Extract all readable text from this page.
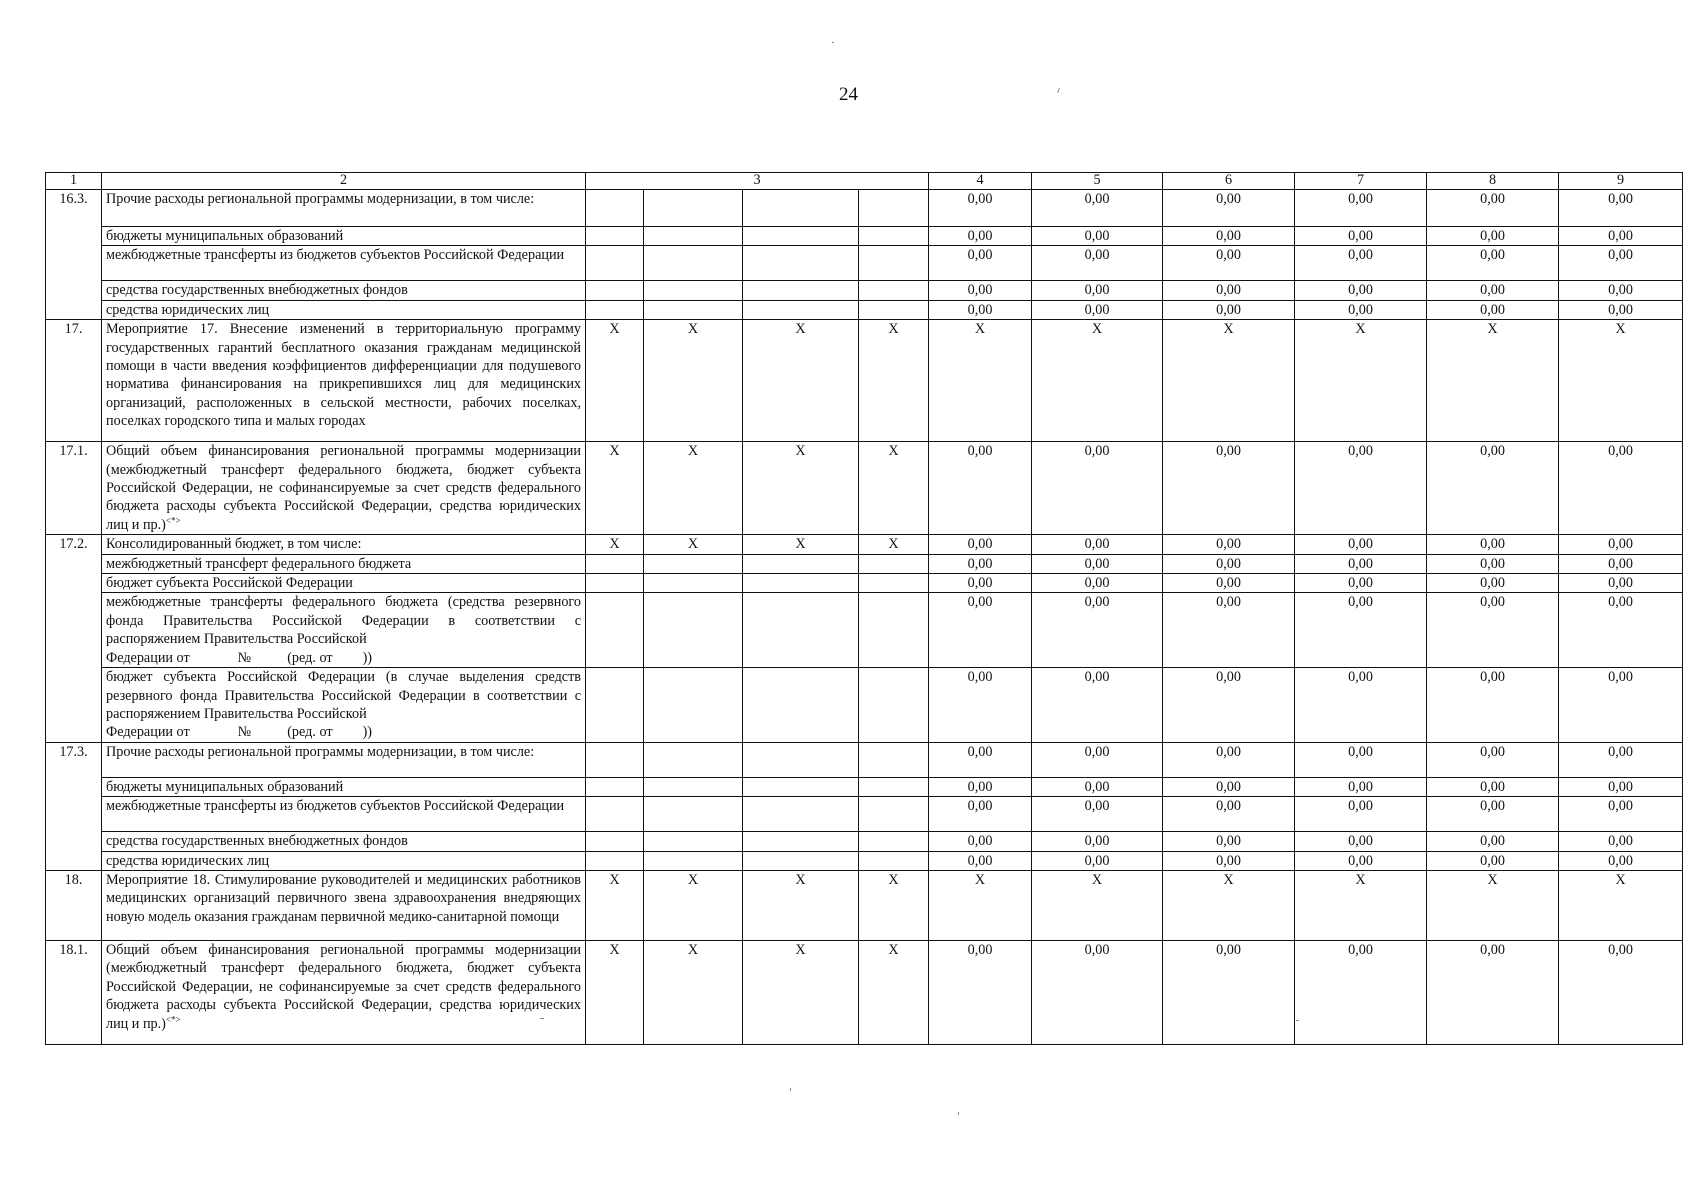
24
1	2	3				4	5	6	7	8	9
16.3.	Прочие расходы региональной программы модернизации, в том числе:					0,00	0,00	0,00	0,00	0,00	0,00
	бюджеты муниципальных образований					0,00	0,00	0,00	0,00	0,00	0,00
	межбюджетные трансферты из бюджетов субъектов Российской Федерации					0,00	0,00	0,00	0,00	0,00	0,00
	средства государственных внебюджетных фондов					0,00	0,00	0,00	0,00	0,00	0,00
	средства юридических лиц					0,00	0,00	0,00	0,00	0,00	0,00
17.	Мероприятие 17. Внесение изменений в территориальную программу государственных гарантий бесплатного оказания гражданам медицинской помощи в части введения коэффициентов дифференциации для подушевого норматива финансирования на прикрепившихся лиц для медицинских организаций, расположенных в сельской местности, рабочих поселках, поселках городского типа и малых городах	X	X	X	X	X	X	X	X	X	X
17.1.	Общий объем финансирования региональной программы модернизации (межбюджетный трансферт федерального бюджета, бюджет субъекта Российской Федерации, не софинансируемые за счет средств федерального бюджета расходы субъекта Российской Федерации, средства юридических лиц и пр.)<*>	X	X	X	X	0,00	0,00	0,00	0,00	0,00	0,00
17.2.	Консолидированный бюджет, в том числе:	X	X	X	X	0,00	0,00	0,00	0,00	0,00	0,00
	межбюджетный трансферт федерального бюджета					0,00	0,00	0,00	0,00	0,00	0,00
	бюджет субъекта Российской Федерации					0,00	0,00	0,00	0,00	0,00	0,00
	межбюджетные трансферты федерального бюджета (средства резервного фонда Правительства Российской Федерации в соответствии с распоряжением Правительства Российской
Федерации от № (ред. от ))					0,00	0,00	0,00	0,00	0,00	0,00
	бюджет субъекта Российской Федерации (в случае выделения средств резервного фонда Правительства Российской Федерации в соответствии с распоряжением Правительства Российской
Федерации от № (ред. от ))					0,00	0,00	0,00	0,00	0,00	0,00
17.3.	Прочие расходы региональной программы модернизации, в том числе:					0,00	0,00	0,00	0,00	0,00	0,00
	бюджеты муниципальных образований					0,00	0,00	0,00	0,00	0,00	0,00
	межбюджетные трансферты из бюджетов субъектов Российской Федерации					0,00	0,00	0,00	0,00	0,00	0,00
	средства государственных внебюджетных фондов					0,00	0,00	0,00	0,00	0,00	0,00
	средства юридических лиц					0,00	0,00	0,00	0,00	0,00	0,00
18.	Мероприятие 18. Стимулирование руководителей и медицинских работников медицинских организаций первичного звена здравоохранения внедряющих новую модель оказания гражданам первичной медико-санитарной помощи	X	X	X	X	X	X	X	X	X	X
18.1.	Общий объем финансирования региональной программы модернизации (межбюджетный трансферт федерального бюджета, бюджет субъекта Российской Федерации, не софинансируемые за счет средств федерального бюджета расходы субъекта Российской Федерации, средства юридических лиц и пр.)<*>	X	X	X	X	0,00	0,00	0,00	0,00	0,00	0,00
